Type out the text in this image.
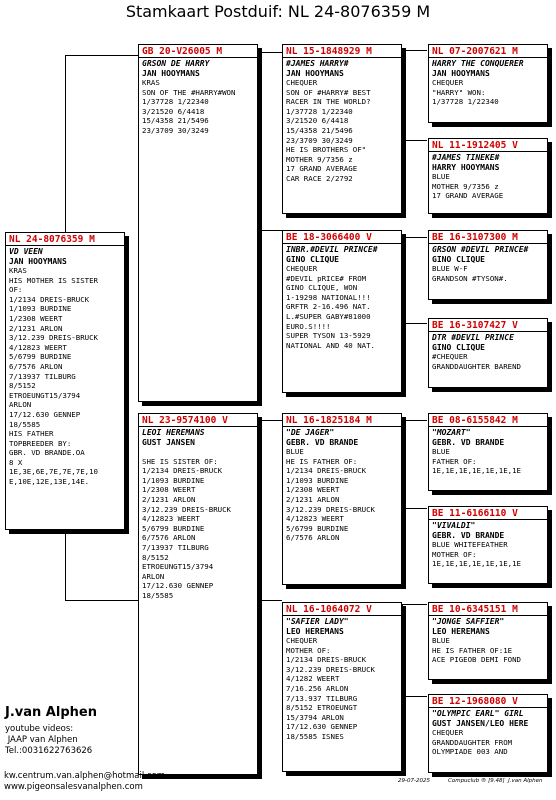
Stamkaart Postduif: NL 24-8076359 M
NL 24-8076359 M
VD VEEN
JAN HOOYMANS
KRAS
HIS MOTHER IS SISTER
OF:
1/2134 DREIS-BRUCK
1/1093 BURDINE
1/2308 WEERT
2/1231 ARLON
3/12.239 DREIS-BRUCK
4/12823 WEERT
5/6799 BURDINE
6/7576 ARLON
7/13937 TILBURG
8/5152
ETROEUNGT15/3794
ARLON
17/12.630 GENNEP
18/5585
HIS FATHER
TOPBREEDER BY:
GBR. VD BRANDE.OA
8 X
1E,3E,6E,7E,7E,7E,10
E,10E,12E,13E,14E.
GB 20-V26005 M
GRSON DE HARRY
JAN HOOYMANS
KRAS
SON OF THE #HARRY#WON
1/37728 1/22340
3/21520 6/4418
15/4358 21/5496
23/3709 30/3249
NL 23-9574100 V
LEOI HEREMANS
GUST JANSEN

SHE IS SISTER OF:
1/2134 DREIS-BRUCK
1/1093 BURDINE
1/2308 WEERT
2/1231 ARLON
3/12.239 DREIS-BRUCK
4/12823 WEERT
5/6799 BURDINE
6/7576 ARLON
7/13937 TILBURG
8/5152
ETROEUNGT15/3794
ARLON
17/12.630 GENNEP
18/5585
NL 15-1848929 M
#JAMES HARRY#
JAN HOOYMANS
CHEQUER
SON OF #HARRY# BEST
RACER IN THE WORLD?
1/37728 1/22340
3/21520 6/4418
15/4358 21/5496
23/3709 30/3249
HE IS BROTHERS OF"
MOTHER 9/7356 z
17 GRAND AVERAGE
CAR RACE 2/2792
BE 18-3066400 V
INBR.#DEVIL PRINCE#
GINO CLIQUE
CHEQUER
#DEVIL pRICE# FROM
GINO CLIQUE, WON
1-19298 NATIONAL!!!
GRFTR 2-16.496 NAT.
L.#SUPER GABY#81000
EURO.S!!!!
SUPER TYSON 13-5929
NATIONAL AND 40 NAT.
NL 16-1825184 M
"DE JAGER"
GEBR. VD BRANDE
BLUE
HE IS FATHER OF:
1/2134 DREIS-BRUCK
1/1093 BURDINE
1/2308 WEERT
2/1231 ARLON
3/12.239 DREIS-BRUCK
4/12823 WEERT
5/6799 BURDINE
6/7576 ARLON
NL 16-1064072 V
"SAFIER LADY"
LEO HEREMANS
CHEQUER
MOTHER OF:
1/2134 DREIS-BRUCK
3/12.239 DREIS-BRUCK
4/1282 WEERT
7/16.256 ARLON
7/13.937 TILBURG
8/5152 ETROEUNGT
15/3794 ARLON
17/12.630 GENNEP
18/5585 ISNES
NL 07-2007621 M
HARRY THE CONQUERER
JAN HOOYMANS
CHEQUER
"HARRY" WON:
1/37728 1/22340
NL 11-1912405 V
#JAMES TINEKE#
HARRY HOOYMANS
BLUE
MOTHER 9/7356 z
17 GRAND AVERAGE
BE 16-3107300 M
GRSON #DEVIL PRINCE#
GINO CLIQUE
BLUE W-F
GRANDSON #TYSON#.
BE 16-3107427 V
DTR #DEVIL PRINCE
GINO CLIQUE
#CHEQUER
GRANDDAUGHTER BAREND
BE 08-6155842 M
"MOZART"
GEBR. VD BRANDE
BLUE
FATHER OF:
1E,1E,1E,1E,1E,1E,1E
BE 11-6166110 V
"VIVALDI"
GEBR. VD BRANDE
BLUE WHITEFEATHER
MOTHER OF:
1E,1E,1E,1E,1E,1E,1E
BE 10-6345151 M
"JONGE SAFFIER"
LEO HEREMANS
BLUE
HE IS FATHER OF:1E
ACE PIGEOB DEMI FOND
BE 12-1968080 V
"OLYMPIC EARL" GIRL
GUST JANSEN/LEO HERE
CHEQUER
GRANDDAUGHTER FROM
OLYMPIADE 003 AND
J.van Alphen
youtube videos:
JAAP van Alphen
Tel.:0031622763626
kw.centrum.van.alphen@hotmail.com
www.pigeonsalesvanalphen.com
29-07-2025	Compuclub ® [9.48]  J.van Alphen
